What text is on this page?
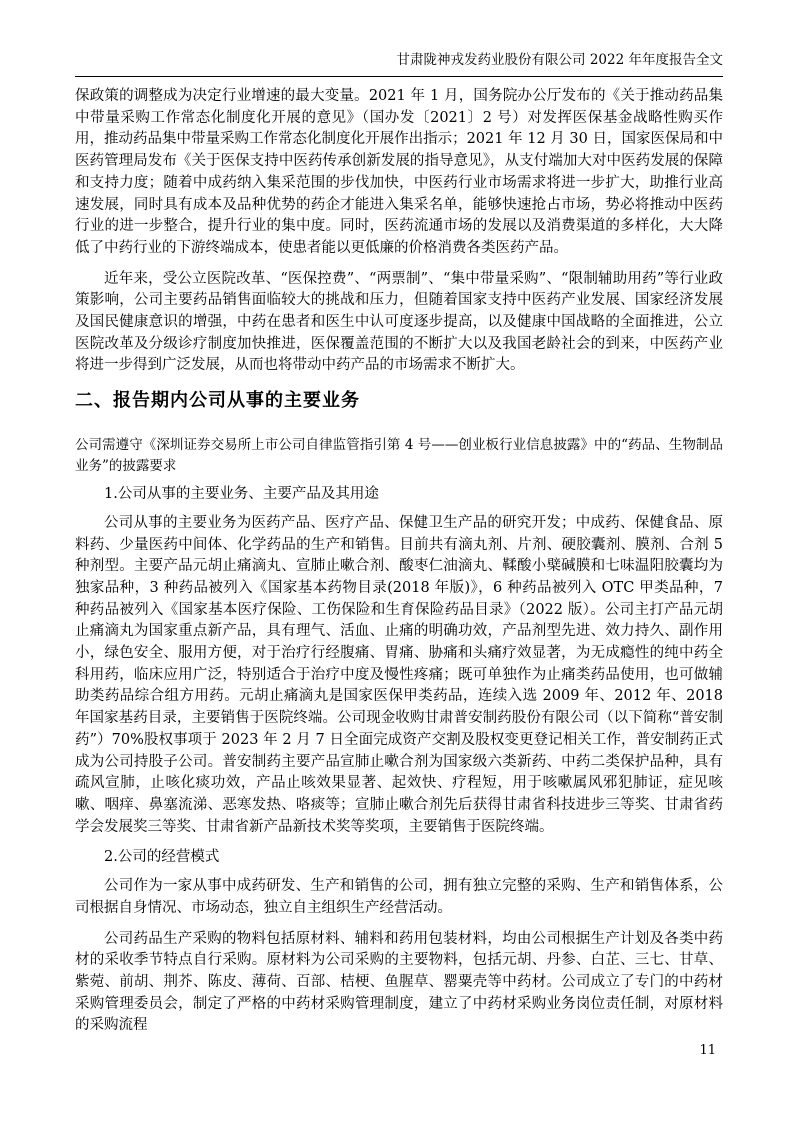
甘肃陇神戎发药业股份有限公司 2022 年年度报告全文

保政策的调整成为决定行业增速的最大变量。2021 年 1 月，国务院办公厅发布的《关于推动药品集中带量采购工作常态化制度化开展的意见》（国办发〔2021〕2 号）对发挥医保基金战略性购买作用，推动药品集中带量采购工作常态化制度化开展作出指示；2021 年 12 月 30 日，国家医保局和中医药管理局发布《关于医保支持中医药传承创新发展的指导意见》，从支付端加大对中医药发展的保障和支持力度；随着中成药纳入集采范围的步伐加快，中医药行业市场需求将进一步扩大，助推行业高速发展，同时具有成本及品种优势的药企才能进入集采名单，能够快速抢占市场，势必将推动中医药行业的进一步整合，提升行业的集中度。同时，医药流通市场的发展以及消费渠道的多样化，大大降低了中药行业的下游终端成本，使患者能以更低廉的价格消费各类医药产品。

近年来，受公立医院改革、“医保控费”、“两票制”、“集中带量采购”、“限制辅助用药”等行业政策影响，公司主要药品销售面临较大的挑战和压力，但随着国家支持中医药产业发展、国家经济发展及国民健康意识的增强，中药在患者和医生中认可度逐步提高，以及健康中国战略的全面推进，公立医院改革及分级诊疗制度加快推进，医保覆盖范围的不断扩大以及我国老龄社会的到来，中医药产业将进一步得到广泛发展，从而也将带动中药产品的市场需求不断扩大。

二、报告期内公司从事的主要业务

公司需遵守《深圳证券交易所上市公司自律监管指引第 4 号——创业板行业信息披露》中的“药品、生物制品业务”的披露要求

1.公司从事的主要业务、主要产品及其用途

公司从事的主要业务为医药产品、医疗产品、保健卫生产品的研究开发；中成药、保健食品、原料药、少量医药中间体、化学药品的生产和销售。目前共有滴丸剂、片剂、硬胶囊剂、膜剂、合剂 5 种剂型。主要产品元胡止痛滴丸、宣肺止嗽合剂、酸枣仁油滴丸、鞣酸小檗碱膜和七味温阳胶囊均为独家品种，3 种药品被列入《国家基本药物目录(2018 年版)》，6 种药品被列入 OTC 甲类品种，7 种药品被列入《国家基本医疗保险、工伤保险和生育保险药品目录》（2022 版）。公司主打产品元胡止痛滴丸为国家重点新产品，具有理气、活血、止痛的明确功效，产品剂型先进、效力持久、副作用小，绿色安全、服用方便，对于治疗行经腹痛、胃痛、胁痛和头痛疗效显著，为无成瘾性的纯中药全科用药，临床应用广泛，特别适合于治疗中度及慢性疼痛；既可单独作为止痛类药品使用，也可做辅助类药品综合组方用药。元胡止痛滴丸是国家医保甲类药品，连续入选 2009 年、2012 年、2018 年国家基药目录，主要销售于医院终端。公司现金收购甘肃普安制药股份有限公司（以下简称“普安制药”）70%股权事项于 2023 年 2 月 7 日全面完成资产交割及股权变更登记相关工作，普安制药正式成为公司持股子公司。普安制药主要产品宣肺止嗽合剂为国家级六类新药、中药二类保护品种，具有疏风宣肺，止咳化痰功效，产品止咳效果显著、起效快、疗程短，用于咳嗽属风邪犯肺证，症见咳嗽、咽痒、鼻塞流涕、恶寒发热、咯痰等；宣肺止嗽合剂先后获得甘肃省科技进步三等奖、甘肃省药学会发展奖三等奖、甘肃省新产品新技术奖等奖项，主要销售于医院终端。

2.公司的经营模式

公司作为一家从事中成药研发、生产和销售的公司，拥有独立完整的采购、生产和销售体系，公司根据自身情况、市场动态，独立自主组织生产经营活动。

公司药品生产采购的物料包括原材料、辅料和药用包装材料，均由公司根据生产计划及各类中药材的采收季节特点自行采购。原材料为公司采购的主要物料，包括元胡、丹参、白芷、三七、甘草、紫菀、前胡、荆芥、陈皮、薄荷、百部、桔梗、鱼腥草、罂粟壳等中药材。公司成立了专门的中药材采购管理委员会，制定了严格的中药材采购管理制度，建立了中药材采购业务岗位责任制，对原材料的采购流程

11
